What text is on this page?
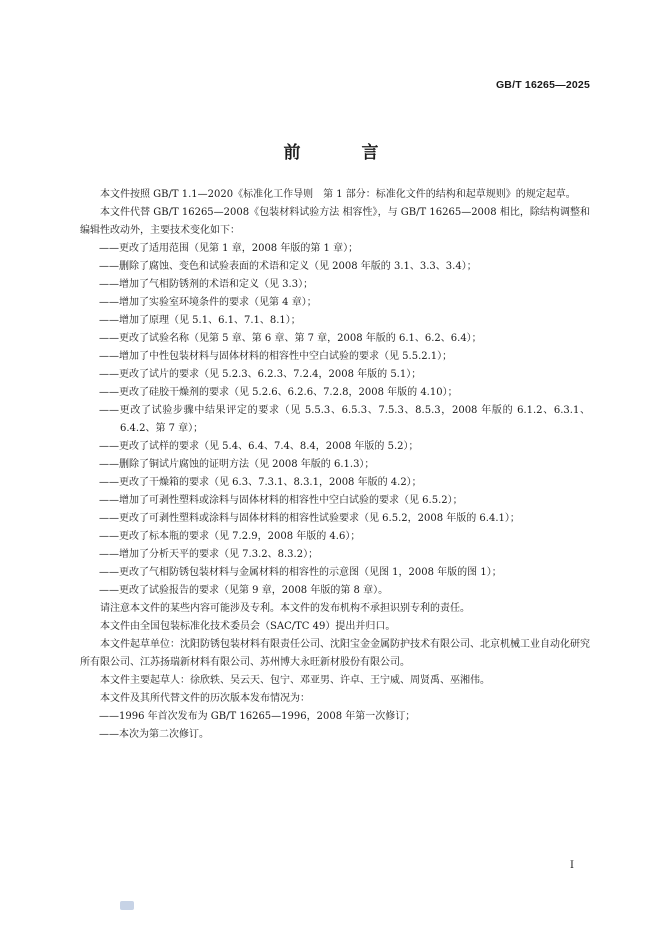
GB/T 16265—2025
前　言

本文件按照 GB/T 1.1—2020《标准化工作导则　第 1 部分：标准化文件的结构和起草规则》的规定起草。

本文件代替 GB/T 16265—2008《包装材料试验方法 相容性》，与 GB/T 16265—2008 相比，除结构调整和编辑性改动外，主要技术变化如下：

——更改了适用范围（见第 1 章，2008 年版的第 1 章）；

——删除了腐蚀、变色和试验表面的术语和定义（见 2008 年版的 3.1、3.3、3.4）；

——增加了气相防锈剂的术语和定义（见 3.3）；

——增加了实验室环境条件的要求（见第 4 章）；

——增加了原理（见 5.1、6.1、7.1、8.1）；

——更改了试验名称（见第 5 章、第 6 章、第 7 章，2008 年版的 6.1、6.2、6.4）；

——增加了中性包装材料与固体材料的相容性中空白试验的要求（见 5.5.2.1）；

——更改了试片的要求（见 5.2.3、6.2.3、7.2.4，2008 年版的 5.1）；

——更改了硅胶干燥剂的要求（见 5.2.6、6.2.6、7.2.8，2008 年版的 4.10）；

——更改了试验步骤中结果评定的要求（见 5.5.3、6.5.3、7.5.3、8.5.3，2008 年版的 6.1.2、6.3.1、6.4.2、第 7 章）；

——更改了试样的要求（见 5.4、6.4、7.4、8.4，2008 年版的 5.2）；

——删除了铜试片腐蚀的证明方法（见 2008 年版的 6.1.3）；

——更改了干燥箱的要求（见 6.3、7.3.1、8.3.1，2008 年版的 4.2）；

——增加了可剥性塑料或涂料与固体材料的相容性中空白试验的要求（见 6.5.2）；

——更改了可剥性塑料或涂料与固体材料的相容性试验要求（见 6.5.2，2008 年版的 6.4.1）；

——更改了标本瓶的要求（见 7.2.9，2008 年版的 4.6）；

——增加了分析天平的要求（见 7.3.2、8.3.2）；

——更改了气相防锈包装材料与金属材料的相容性的示意图（见图 1，2008 年版的图 1）；

——更改了试验报告的要求（见第 9 章，2008 年版的第 8 章）。

请注意本文件的某些内容可能涉及专利。本文件的发布机构不承担识别专利的责任。

本文件由全国包装标准化技术委员会（SAC/TC 49）提出并归口。

本文件起草单位：沈阳防锈包装材料有限责任公司、沈阳宝金金属防护技术有限公司、北京机械工业自动化研究所有限公司、江苏扬瑞新材料有限公司、苏州博大永旺新材股份有限公司。

本文件主要起草人：徐欣轶、吴云天、包宁、邓亚男、许卓、王宁威、周贤禹、巫湘伟。

本文件及其所代替文件的历次版本发布情况为：

——1996 年首次发布为 GB/T 16265—1996，2008 年第一次修订；

——本次为第二次修订。

I
